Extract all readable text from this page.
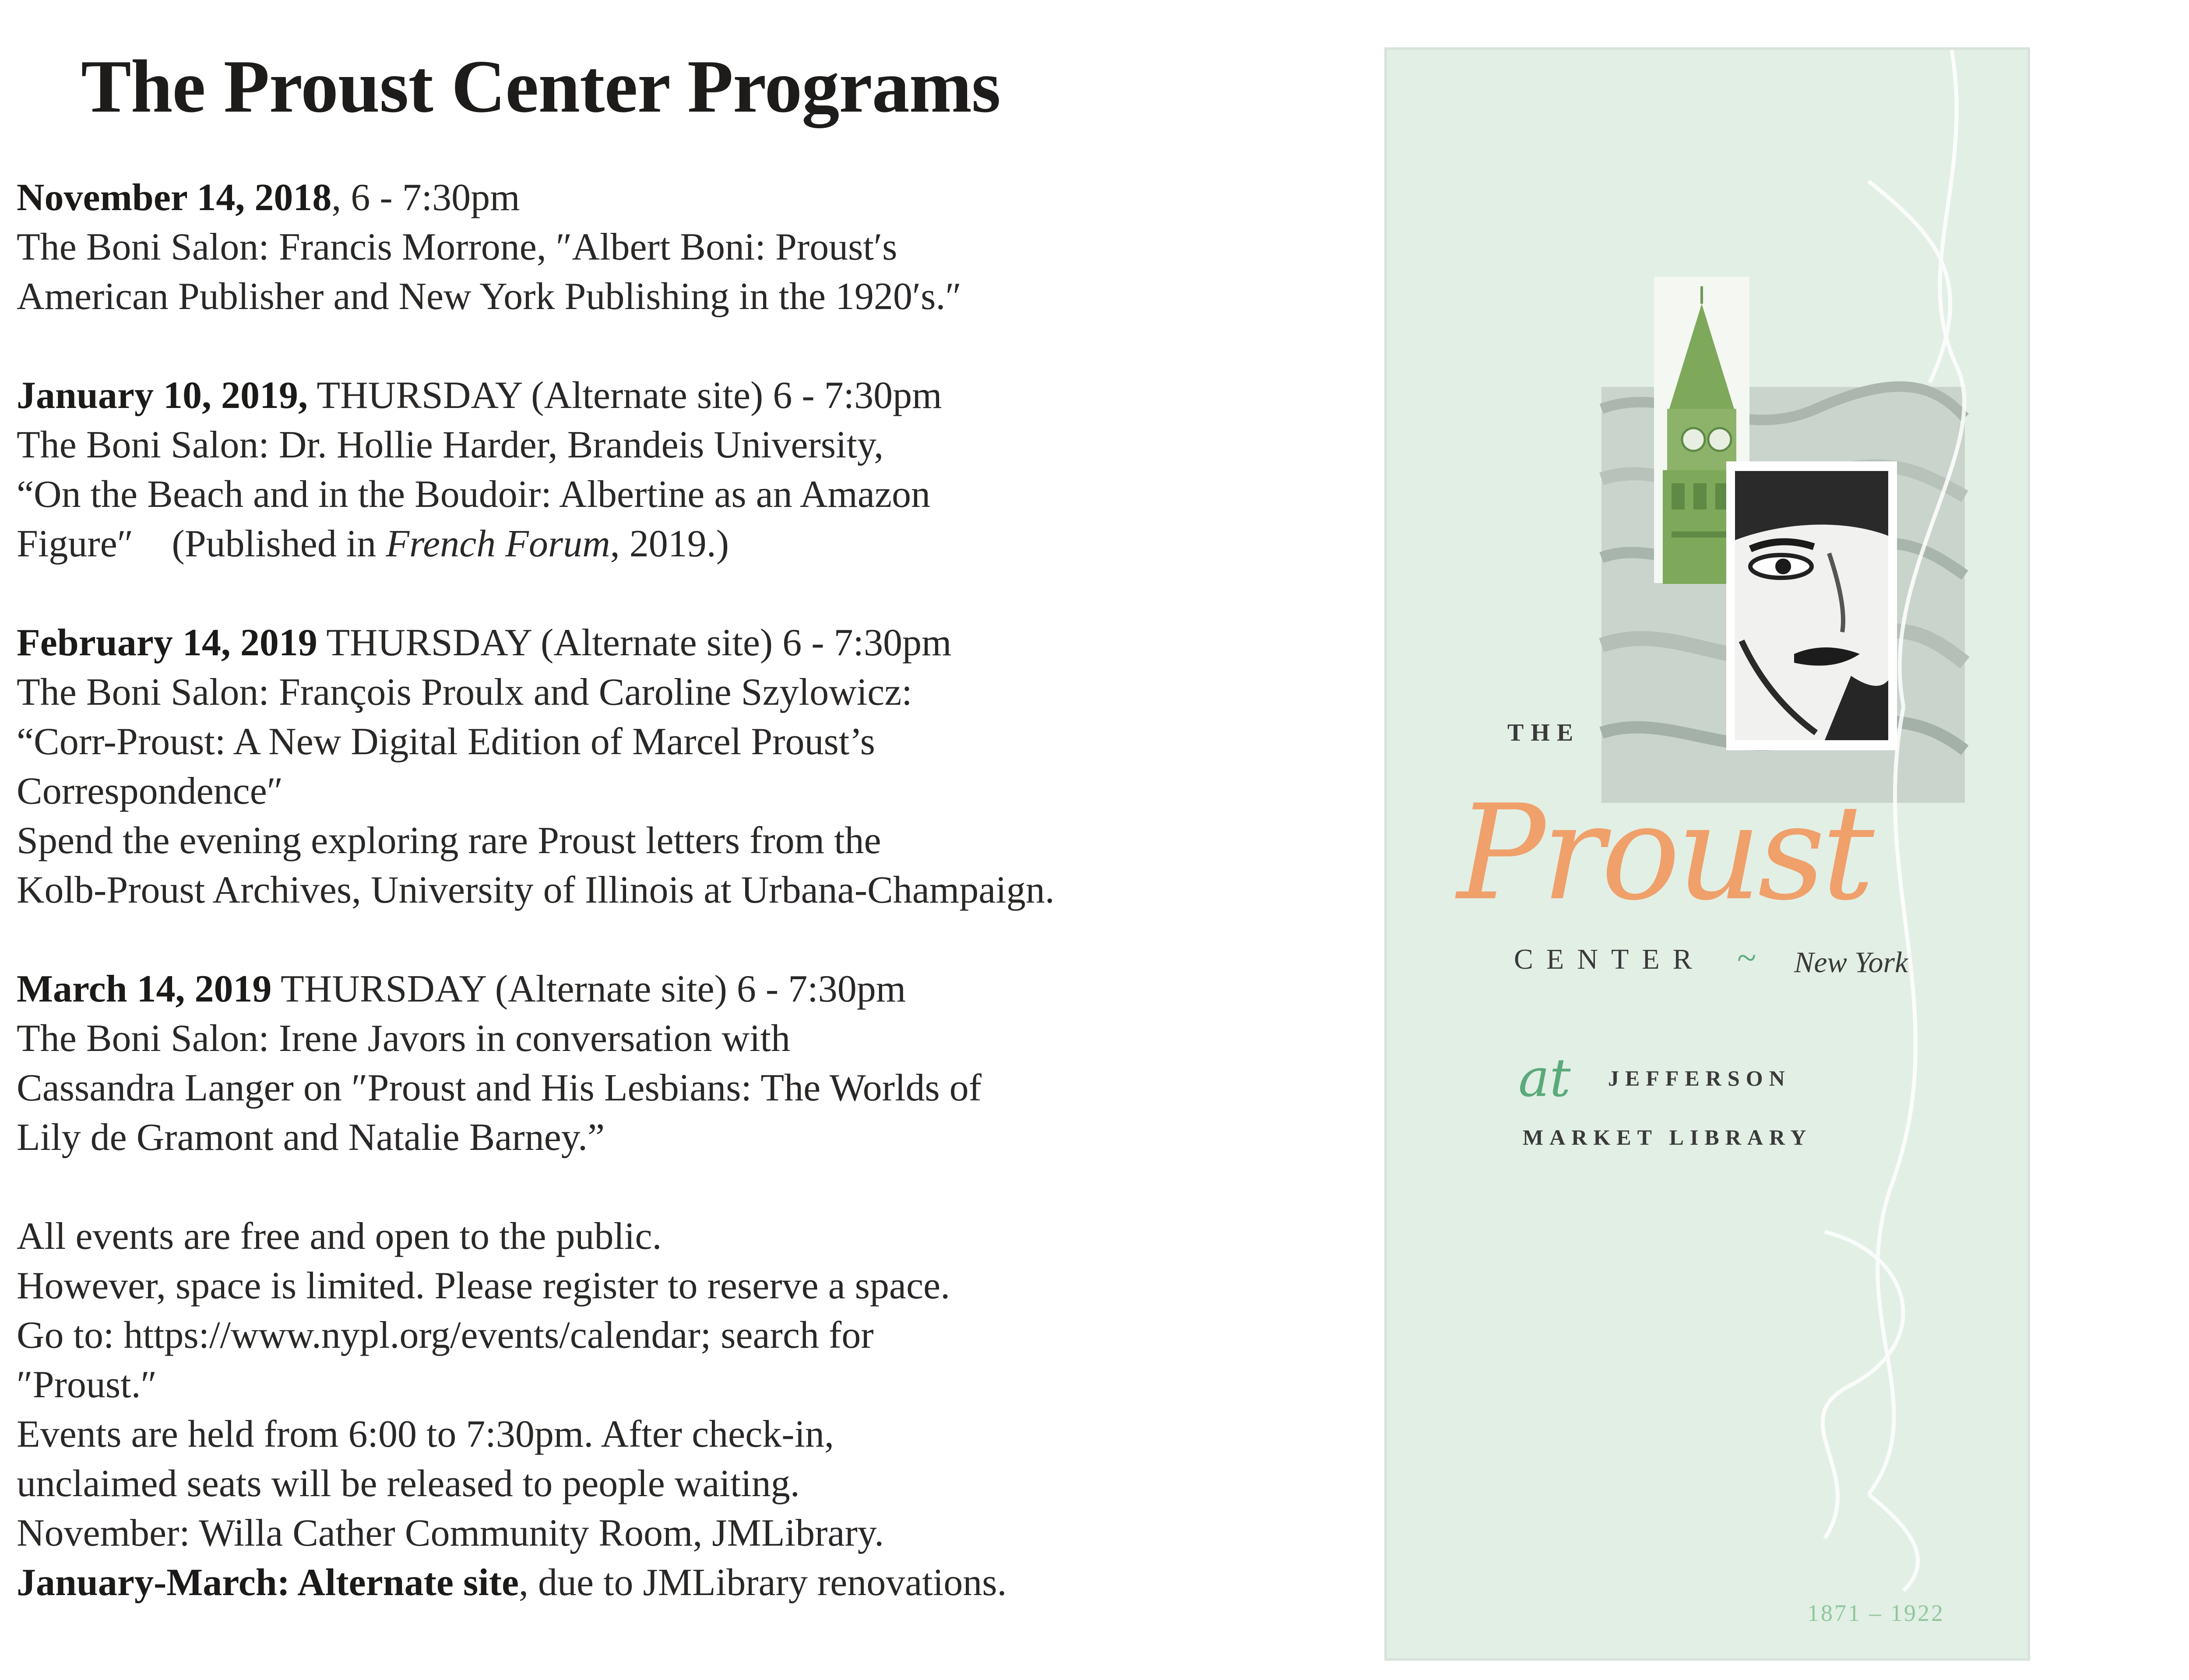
The Proust Center Programs
November 14, 2018, 6 - 7:30pm
The Boni Salon: Francis Morrone, ″Albert Boni: Proust′s
American Publisher and New York Publishing in the 1920′s.″
January 10, 2019, THURSDAY (Alternate site) 6 - 7:30pm
The Boni Salon: Dr. Hollie Harder, Brandeis University,
“On the Beach and in the Boudoir: Albertine as an Amazon
Figure″    (Published in French Forum, 2019.)
February 14, 2019 THURSDAY (Alternate site) 6 - 7:30pm
The Boni Salon: François Proulx and Caroline Szylowicz:
“Corr-Proust: A New Digital Edition of Marcel Proust’s
Correspondence″
Spend the evening exploring rare Proust letters from the
Kolb-Proust Archives, University of Illinois at Urbana-Champaign.
March 14, 2019 THURSDAY (Alternate site) 6 - 7:30pm
The Boni Salon: Irene Javors in conversation with
Cassandra Langer on ″Proust and His Lesbians: The Worlds of
Lily de Gramont and Natalie Barney.”
All events are free and open to the public.
However, space is limited. Please register to reserve a space.
Go to: https://www.nypl.org/events/calendar; search for
″Proust.″
Events are held from 6:00 to 7:30pm. After check-in,
unclaimed seats will be released to people waiting.
November: Willa Cather Community Room, JMLibrary.
January-March: Alternate site, due to JMLibrary renovations.
THE
Proust
CENTER ~ New York
at JEFFERSON
MARKET LIBRARY
1871 – 1922
